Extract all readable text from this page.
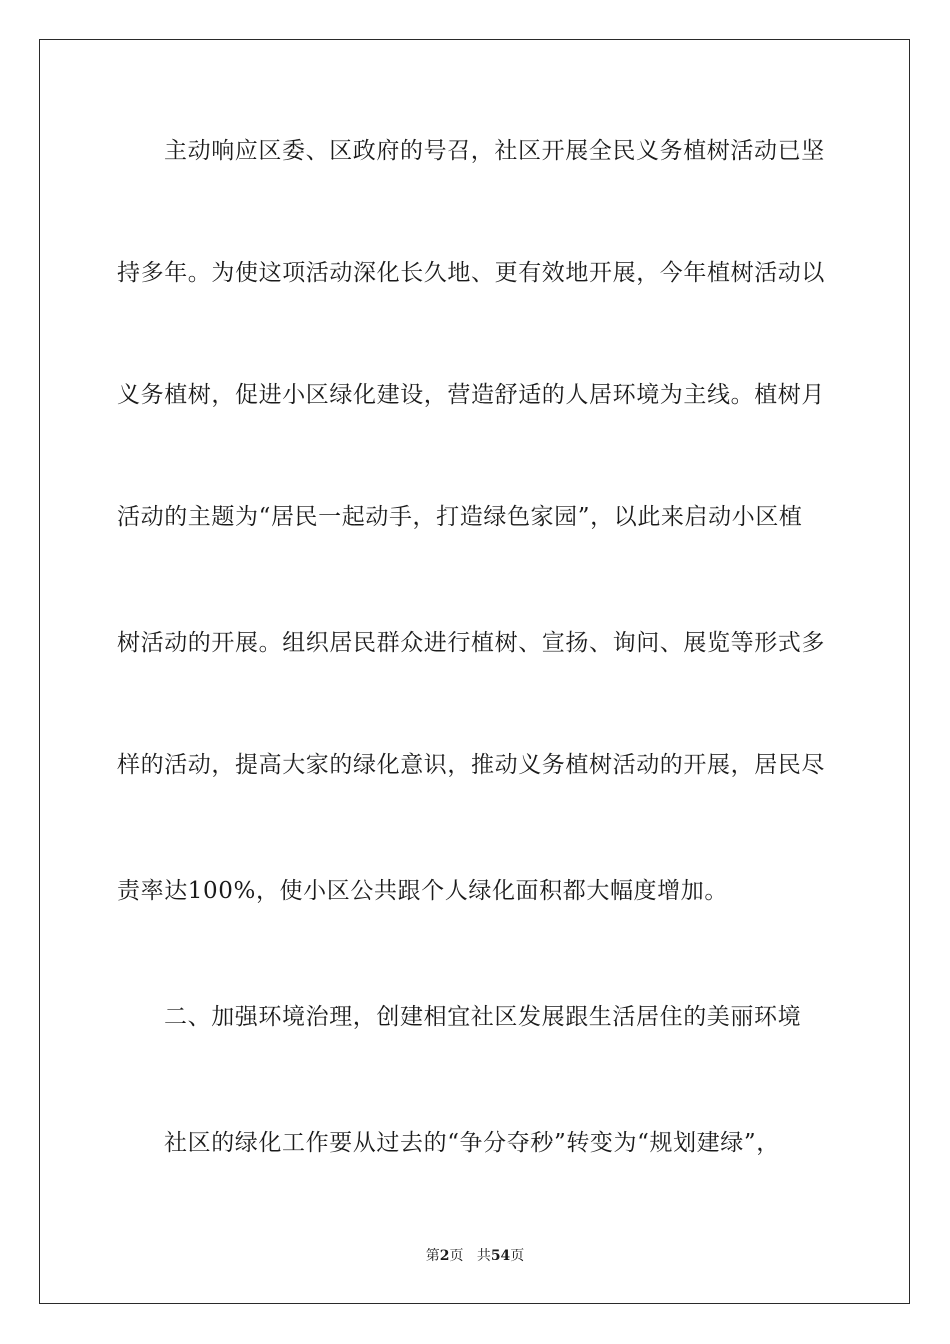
主动响应区委、区政府的号召，社区开展全民义务植树活动已坚
持多年。为使这项活动深化长久地、更有效地开展，今年植树活动以
义务植树，促进小区绿化建设，营造舒适的人居环境为主线。植树月
活动的主题为“居民一起动手，打造绿色家园”，以此来启动小区植
树活动的开展。组织居民群众进行植树、宣扬、询问、展览等形式多
样的活动，提高大家的绿化意识，推动义务植树活动的开展，居民尽
责率达100%，使小区公共跟个人绿化面积都大幅度增加。
二、加强环境治理，创建相宜社区发展跟生活居住的美丽环境
社区的绿化工作要从过去的“争分夺秒”转变为“规划建绿”，
第2页 共54页
